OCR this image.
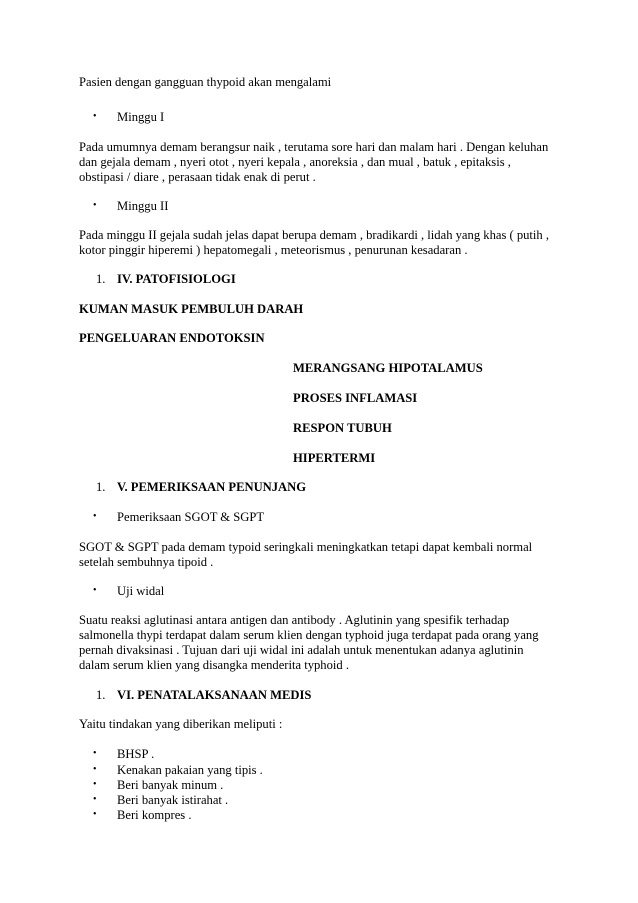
Pasien dengan gangguan thypoid akan mengalami
• Minggu I
Pada umumnya demam berangsur naik , terutama sore hari dan malam hari . Dengan keluhan
dan gejala demam , nyeri otot , nyeri kepala , anoreksia , dan mual , batuk , epitaksis ,
obstipasi / diare , perasaan tidak enak di perut .
• Minggu II
Pada minggu II gejala sudah jelas dapat berupa demam , bradikardi , lidah yang khas ( putih ,
kotor pinggir hiperemi ) hepatomegali , meteorismus , penurunan kesadaran .
1. IV. PATOFISIOLOGI
KUMAN MASUK PEMBULUH DARAH
PENGELUARAN ENDOTOKSIN
MERANGSANG HIPOTALAMUS
PROSES INFLAMASI
RESPON TUBUH
HIPERTERMI
1. V. PEMERIKSAAN PENUNJANG
• Pemeriksaan SGOT & SGPT
SGOT & SGPT pada demam typoid seringkali meningkatkan tetapi dapat kembali normal
setelah sembuhnya tipoid .
• Uji widal
Suatu reaksi aglutinasi antara antigen dan antibody . Aglutinin yang spesifik terhadap
salmonella thypi terdapat dalam serum klien dengan typhoid juga terdapat pada orang yang
pernah divaksinasi . Tujuan dari uji widal ini adalah untuk menentukan adanya aglutinin
dalam serum klien yang disangka menderita typhoid .
1. VI. PENATALAKSANAAN MEDIS
Yaitu tindakan yang diberikan meliputi :
• BHSP .
• Kenakan pakaian yang tipis .
• Beri banyak minum .
• Beri banyak istirahat .
• Beri kompres .
